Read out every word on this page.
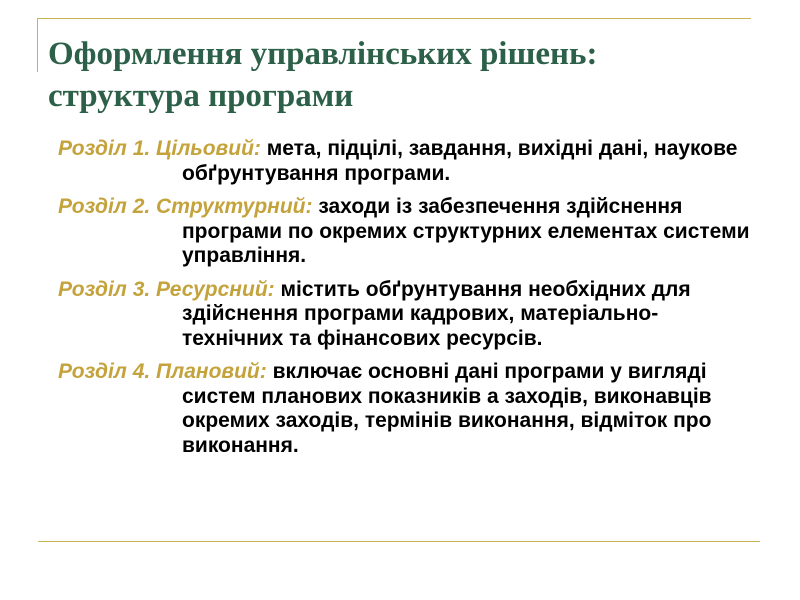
Оформлення управлінських рішень:
структура програми
Розділ 1. Цільовий: мета, підцілі, завдання, вихідні дані, наукове обґрунтування програми.
Розділ 2. Структурний: заходи із забезпечення здійснення програми по окремих структурних елементах системи управління.
Розділ 3. Ресурсний: містить обґрунтування необхідних для здійснення програми кадрових, матеріально-технічних та фінансових ресурсів.
Розділ 4. Плановий: включає основні дані програми у вигляді систем планових показників а заходів, виконавців окремих заходів, термінів виконання, відміток про виконання.
